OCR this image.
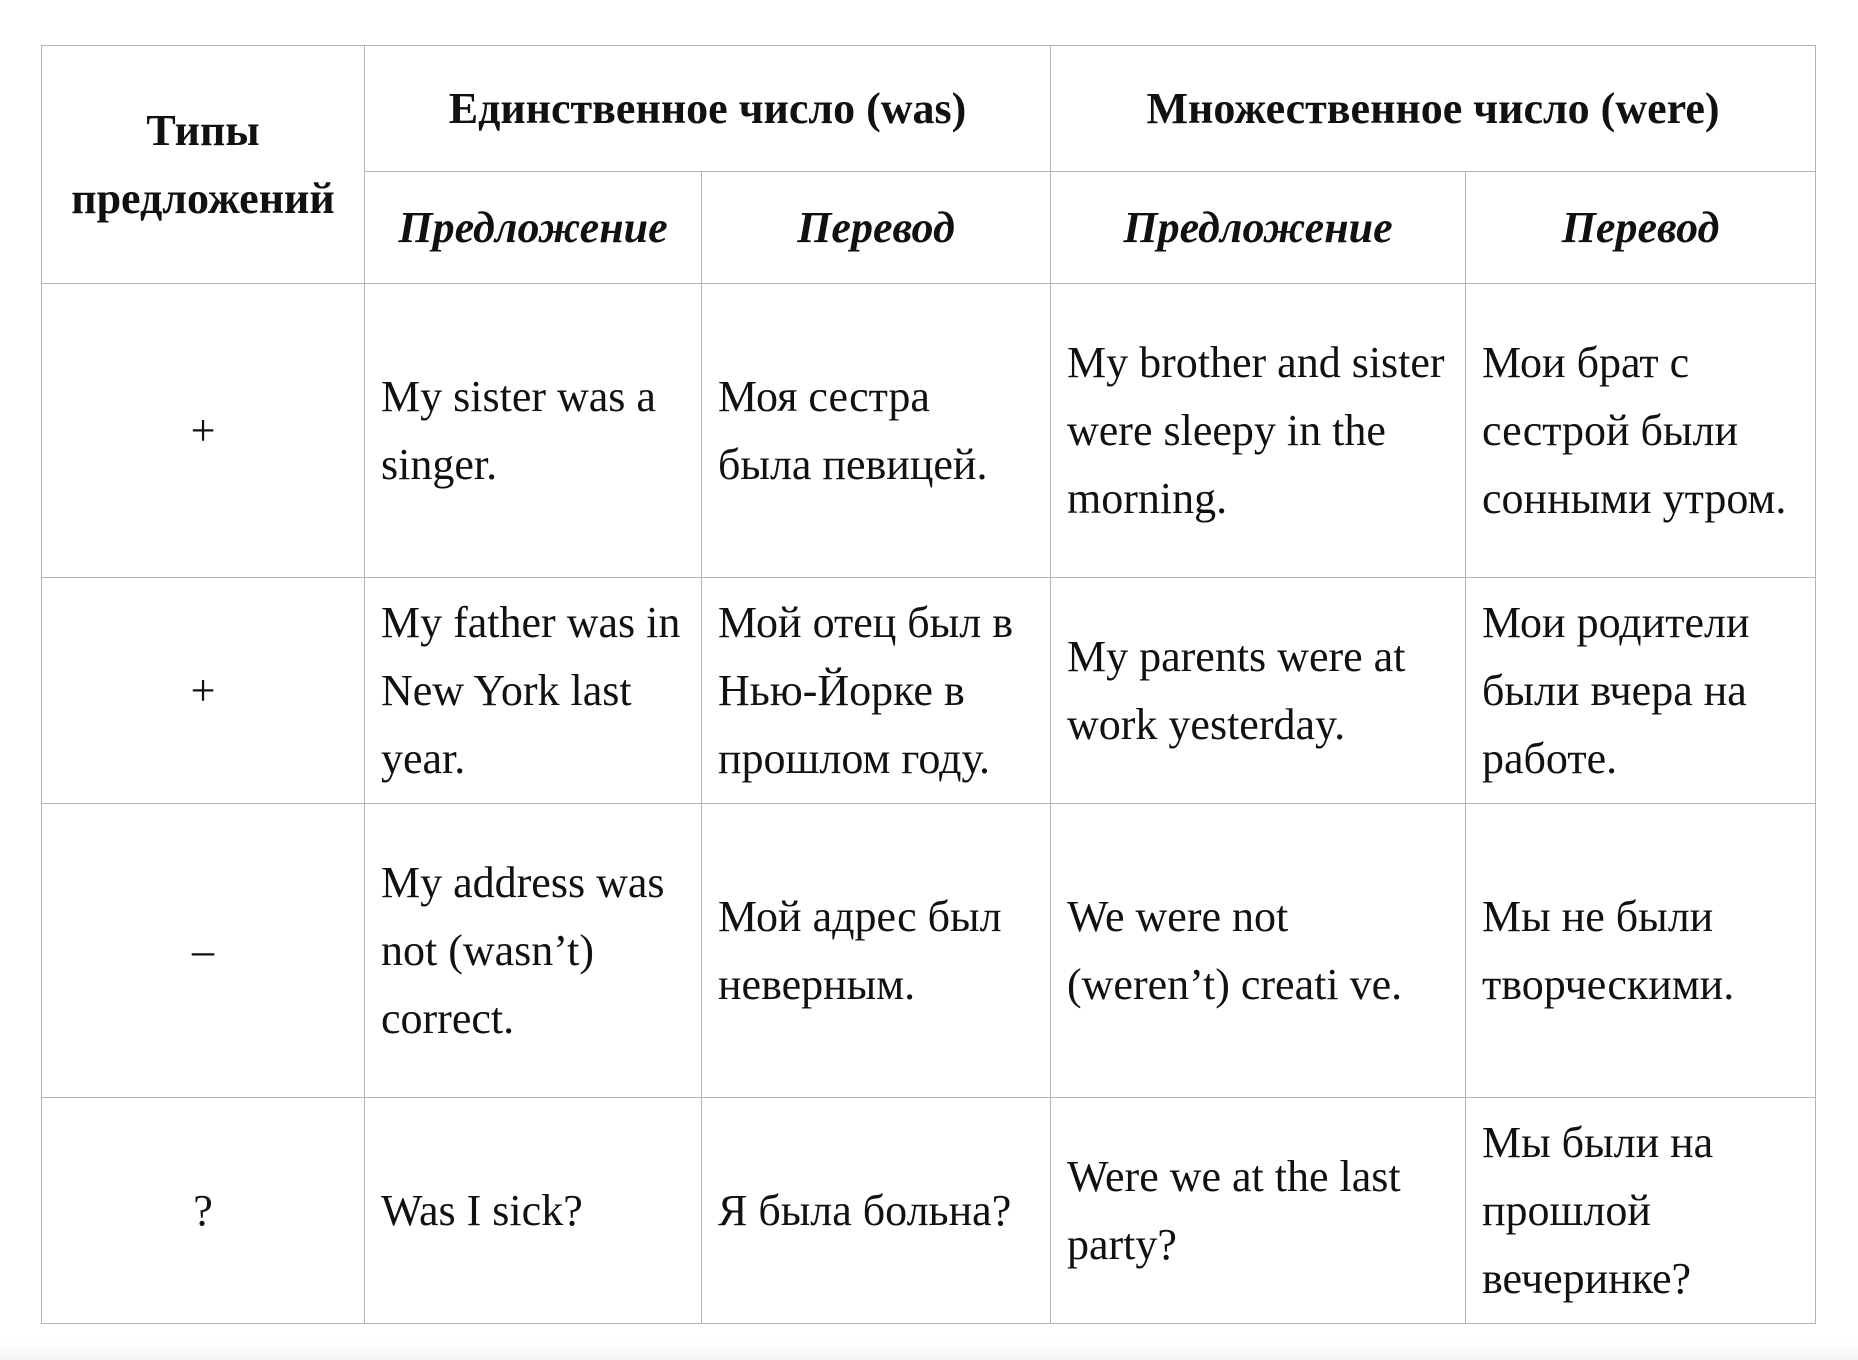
Типы предложений	Единственное число (was)		Множественное число (were)	
	Предложение	Перевод	Предложение	Перевод
+	My sister was a singer.	Моя сестра была певицей.	My brother and sister were sleepy in the morning.	Мои брат с сестрой были сонными утром.
+	My father was in New York last year.	Мой отец был в Нью-Йорке в прошлом году.	My parents were at work yesterday.	Мои родители были вчера на работе.
–	My address was not (wasn’t) correct.	Мой адрес был неверным.	We were not (weren’t) creati ve.	Мы не были творческими.
?	Was I sick?	Я была больна?	Were we at the last party?	Мы были на прошлой вечеринке?
